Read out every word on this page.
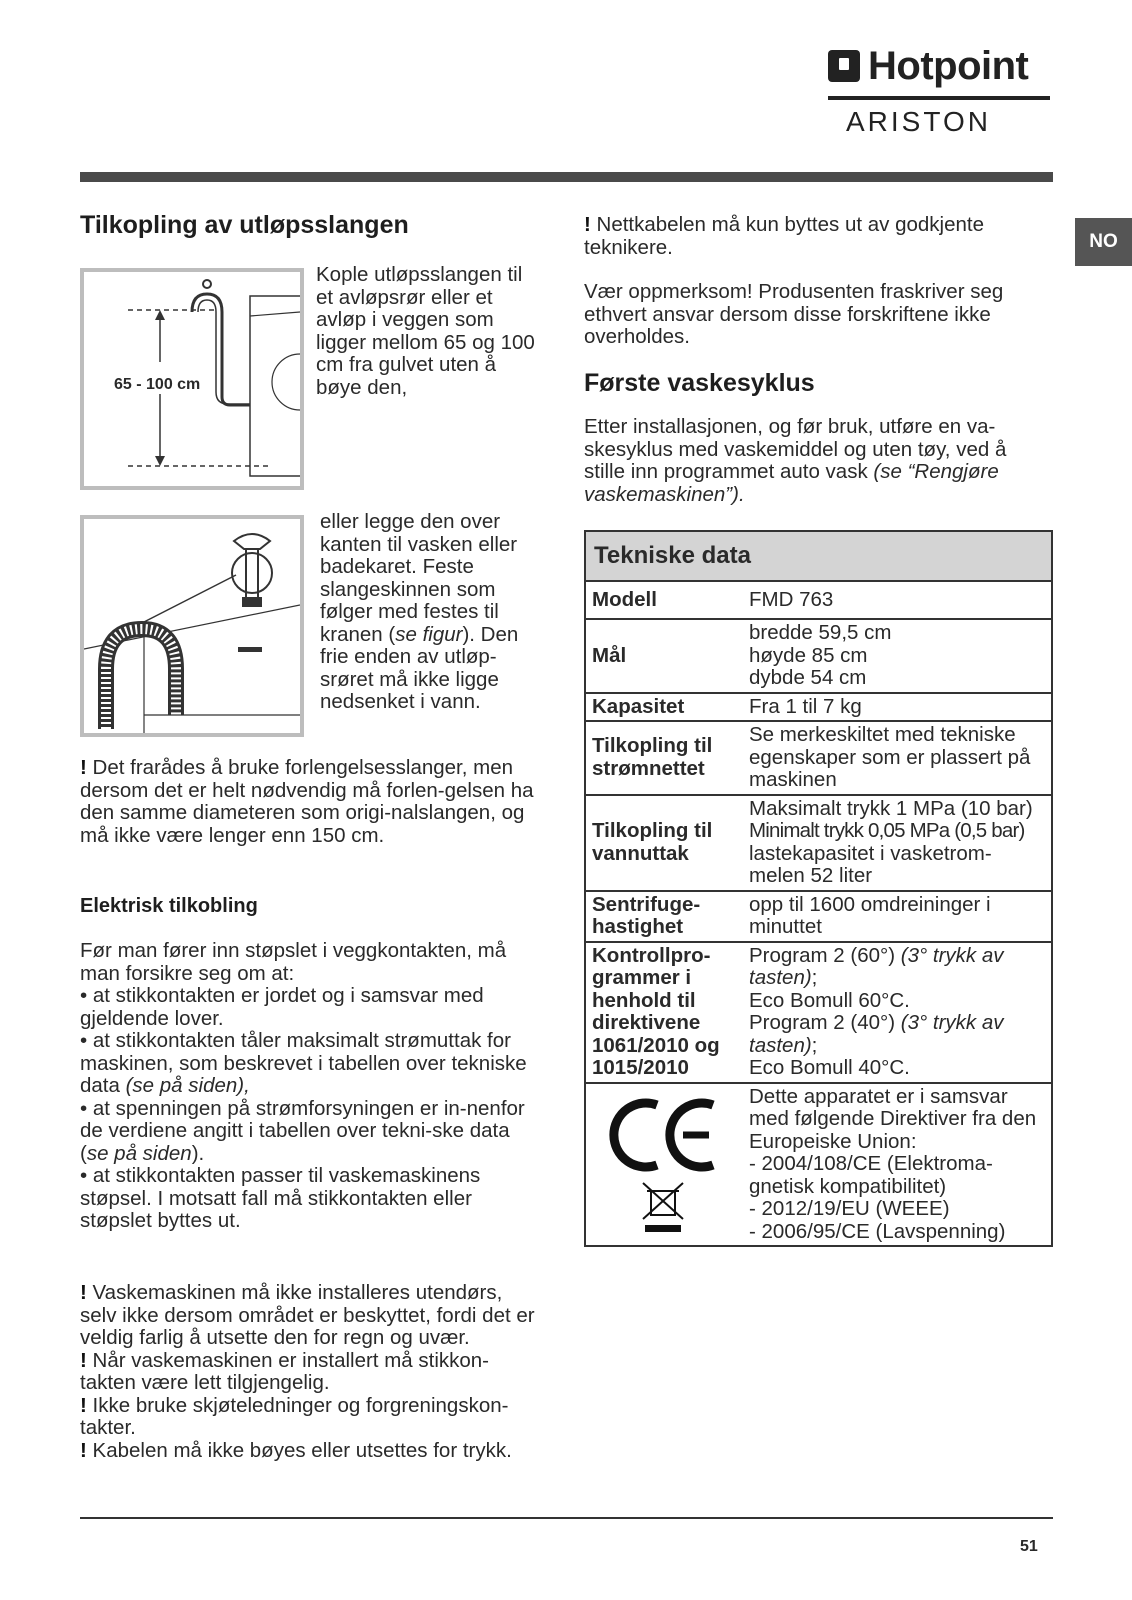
Hotpoint
ARISTON
NO
Tilkopling av utløpsslangen
65 - 100 cm

Kople utløpsslangen til et avløpsrør eller et avløp i veggen som ligger mellom 65 og 100 cm fra gulvet uten å bøye den,

eller legge den over kanten til vasken eller badekaret. Feste slangeskinnen som følger med festes til kranen (se figur). Den frie enden av utløp-srøret må ikke ligge nedsenket i vann.

! Det frarådes å bruke forlengelsesslanger, men dersom det er helt nødvendig må forlen-gelsen ha den samme diameteren som origi-nalslangen, og må ikke være lenger enn 150 cm.

Elektrisk tilkobling

Før man fører inn støpslet i veggkontakten, må man forsikre seg om at:

• at stikkontakten er jordet og i samsvar med gjeldende lover.

• at stikkontakten tåler maksimalt strømuttak for maskinen, som beskrevet i tabellen over tekniske data (se på siden),

• at spenningen på strømforsyningen er in-nenfor de verdiene angitt i tabellen over tekni-ske data (se på siden).

• at stikkontakten passer til vaskemaskinens støpsel. I motsatt fall må stikkontakten eller støpslet byttes ut.

! Vaskemaskinen må ikke installeres utendørs, selv ikke dersom området er beskyttet, fordi det er veldig farlig å utsette den for regn og uvær.

! Når vaskemaskinen er installert må stikkon-takten være lett tilgjengelig.

! Ikke bruke skjøteledninger og forgreningskon-takter.

! Kabelen må ikke bøyes eller utsettes for trykk.

! Nettkabelen må kun byttes ut av godkjente teknikere.

Vær oppmerksom! Produsenten fraskriver seg ethvert ansvar dersom disse forskriftene ikke overholdes.

Første vaskesyklus

Etter installasjonen, og før bruk, utføre en va-skesyklus med vaskemiddel og uten tøy, ved å stille inn programmet auto vask (se “Rengjøre vaskemaskinen”).

Tekniske data	
Modell	FMD 763
Mål	bredde 59,5 cm
høyde 85 cm
dybde 54 cm

Kapasitet	Fra 1 til 7 kg
Tilkopling til strømnettet	Se merkeskiltet med tekniske egenskaper som er plassert på maskinen
Tilkopling til vannuttak	Maksimalt trykk 1 MPa (10 bar)
Minimalt trykk 0,05 MPa (0,5 bar)
lastekapasitet i vasketrom-melen 52 liter

Sentrifuge-hastighet	opp til 1600 omdreininger i minuttet
Kontrollpro-grammer i henhold til direktivene 1061/2010 og 1015/2010	Program 2 (60°) (3° trykk av tasten);
Eco Bomull 60°C.
Program 2 (40°) (3° trykk av tasten);
Eco Bomull 40°C.

Dette apparatet er i samsvar med følgende Direktiver fra den Europeiske Union:
- 2004/108/CE (Elektroma-gnetisk kompatibilitet)
- 2012/19/EU (WEEE)
- 2006/95/CE (Lavspenning)
51
